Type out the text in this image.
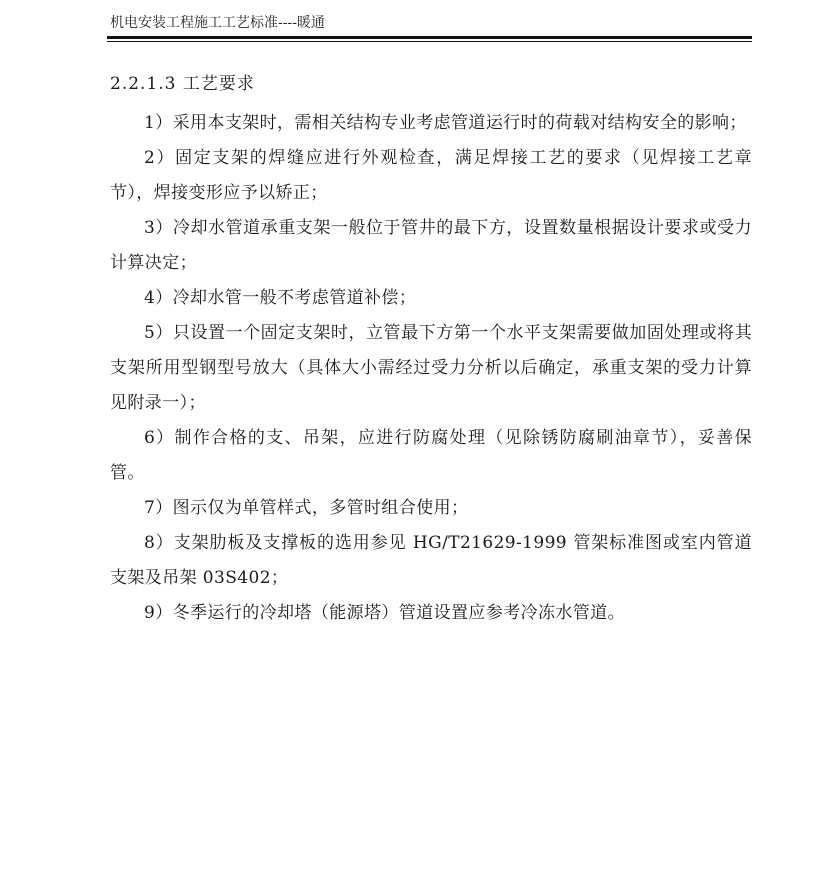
机电安装工程施工工艺标准----暖通
2.2.1.3 工艺要求

1）采用本支架时，需相关结构专业考虑管道运行时的荷载对结构安全的影响；

2）固定支架的焊缝应进行外观检查，满足焊接工艺的要求（见焊接工艺章节），焊接变形应予以矫正；

3）冷却水管道承重支架一般位于管井的最下方，设置数量根据设计要求或受力计算决定；

4）冷却水管一般不考虑管道补偿；

5）只设置一个固定支架时，立管最下方第一个水平支架需要做加固处理或将其支架所用型钢型号放大（具体大小需经过受力分析以后确定，承重支架的受力计算见附录一）；

6）制作合格的支、吊架，应进行防腐处理（见除锈防腐刷油章节），妥善保管。

7）图示仅为单管样式，多管时组合使用；

8）支架肋板及支撑板的选用参见 HG/T21629-1999 管架标准图或室内管道支架及吊架 03S402；

9）冬季运行的冷却塔（能源塔）管道设置应参考冷冻水管道。
